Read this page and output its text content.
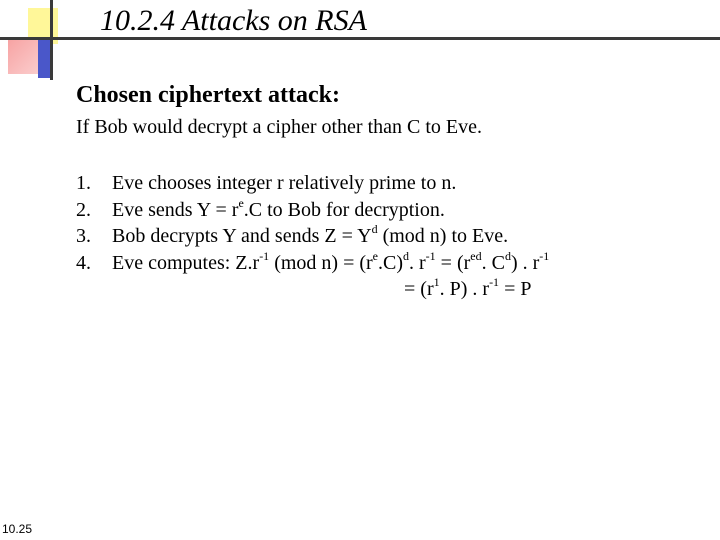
10.2.4 Attacks on RSA
Chosen ciphertext attack:

If Bob would decrypt a cipher other than C to Eve.

1.	Eve chooses integer r relatively prime to n.
2.	Eve sends $Y = r^e.C$ to Bob for decryption.
3.	Bob decrypts Y and sends $Z = Y^d$ (mod n) to Eve.
4.	Eve computes: $Z.r^{-1}$ (mod $n) = (r^e.C)^d$. $r^{-1} = (r^{ed}$. $C^d$) . $r^{-1}$
= ($r^1$. P) . $r^{-1} = P$
10.25
